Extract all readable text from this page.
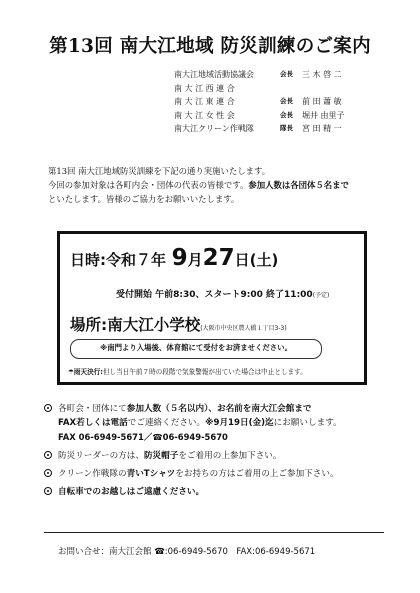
第13回 南大江地域 防災訓練のご案内
南大江地域活動協議会	会長	三 木 啓 二
南 大 江 西 連 合
南 大 江 東 連 合	会長	前 田 蕭 敏
南 大 江 女 性 会	会長	堀井 由里子
南大江クリーン作戦隊	隊長	宮 田 精 一

第13回 南大江地域防災訓練を下記の通り実施いたします。

今回の参加対象は各町内会・団体の代表の皆様です。参加人数は各団体５名まで

といたします。皆様のご協力をお願いいたします。

日時:令和７年 9月27日(土)
受付開始 午前8:30、スタート9:00 終了11:00(予定)
場所:南大江小学校(大阪市中央区農人橋１丁目3-3)
※南門より入場後、体育館にて受付をお済ませください。
☂雨天決行:但し当日午前７時の段階で気象警報が出ていた場合は中止とします。
各町会・団体にて参加人数（５名以内）、お名前を南大江会館まで
FAX若しくは電話でご連絡ください。※9月19日(金)迄にお願いします。
FAX 06-6949-5671／☎06-6949-5670
防災リーダーの方は、防災帽子をご着用の上参加下さい。
クリーン作戦隊の青いTシャツをお持ちの方はご着用の上ご参加下さい。
自転車でのお越しはご遠慮ください。
お問い合せ：南大江会館 ☎:06-6949-5670　FAX:06-6949-5671
